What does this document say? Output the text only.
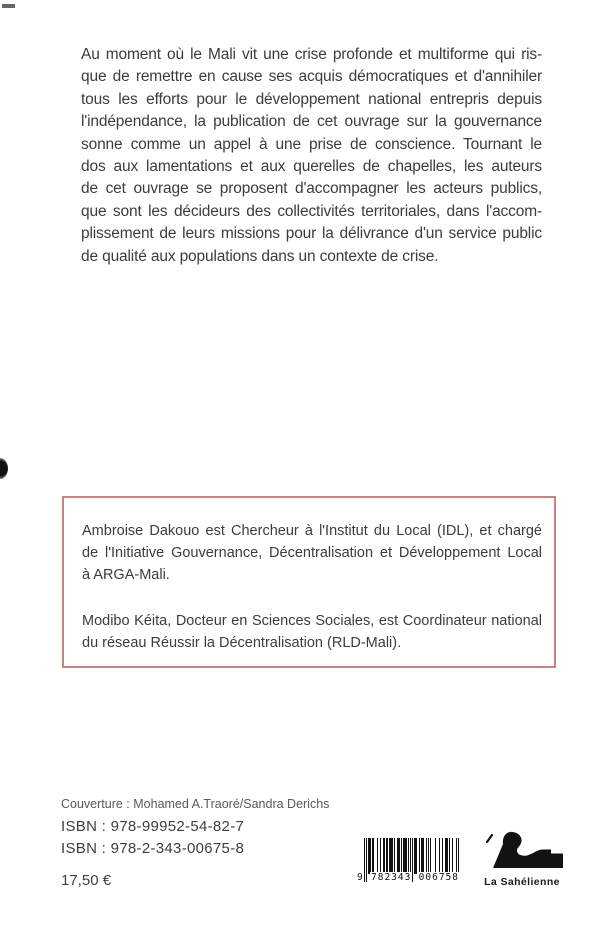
Au moment où le Mali vit une crise profonde et multiforme qui ris-
que de remettre en cause ses acquis démocratiques et d'annihiler
tous les efforts pour le développement national entrepris depuis
l'indépendance, la publication de cet ouvrage sur la gouvernance
sonne comme un appel à une prise de conscience. Tournant le
dos aux lamentations et aux querelles de chapelles, les auteurs
de cet ouvrage se proposent d'accompagner les acteurs publics,
que sont les décideurs des collectivités territoriales, dans l'accom-
plissement de leurs missions pour la délivrance d'un service public
de qualité aux populations dans un contexte de crise.
Ambroise Dakouo est Chercheur à l'Institut du Local (IDL), et chargé
de l'Initiative Gouvernance, Décentralisation et Développement Local
à ARGA-Mali.
Modibo Kéita, Docteur en Sciences Sociales, est Coordinateur national
du réseau Réussir la Décentralisation (RLD-Mali).
Couverture : Mohamed A.Traoré/Sandra Derichs
ISBN : 978-99952-54-82-7
ISBN : 978-2-343-00675-8
17,50 €	9 782343 006758	La Sahélienne
